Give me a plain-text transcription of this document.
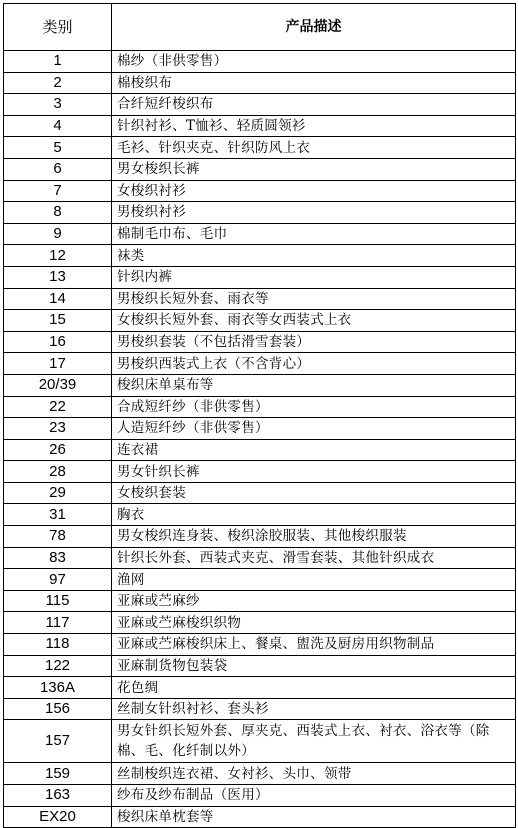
类别	产品描述
1	棉纱（非供零售）
2	棉梭织布
3	合纤短纤梭织布
4	针织衬衫、T恤衫、轻质圆领衫
5	毛衫、针织夹克、针织防风上衣
6	男女梭织长裤
7	女梭织衬衫
8	男梭织衬衫
9	棉制毛巾布、毛巾
12	袜类
13	针织内裤
14	男梭织长短外套、雨衣等
15	女梭织长短外套、雨衣等女西装式上衣
16	男梭织套装（不包括滑雪套装）
17	男梭织西装式上衣（不含背心）
20/39	梭织床单桌布等
22	合成短纤纱（非供零售）
23	人造短纤纱（非供零售）
26	连衣裙
28	男女针织长裤
29	女梭织套装
31	胸衣
78	男女梭织连身装、梭织涂胶服装、其他梭织服装
83	针织长外套、西装式夹克、滑雪套装、其他针织成衣
97	渔网
115	亚麻或苎麻纱
117	亚麻或苎麻梭织织物
118	亚麻或苎麻梭织床上、餐桌、盥洗及厨房用织物制品
122	亚麻制货物包装袋
136A	花色绸
156	丝制女针织衬衫、套头衫
157	男女针织长短外套、厚夹克、西装式上衣、衬衣、浴衣等（除棉、毛、化纤制以外）
159	丝制梭织连衣裙、女衬衫、头巾、领带
163	纱布及纱布制品（医用）
EX20	梭织床单枕套等
